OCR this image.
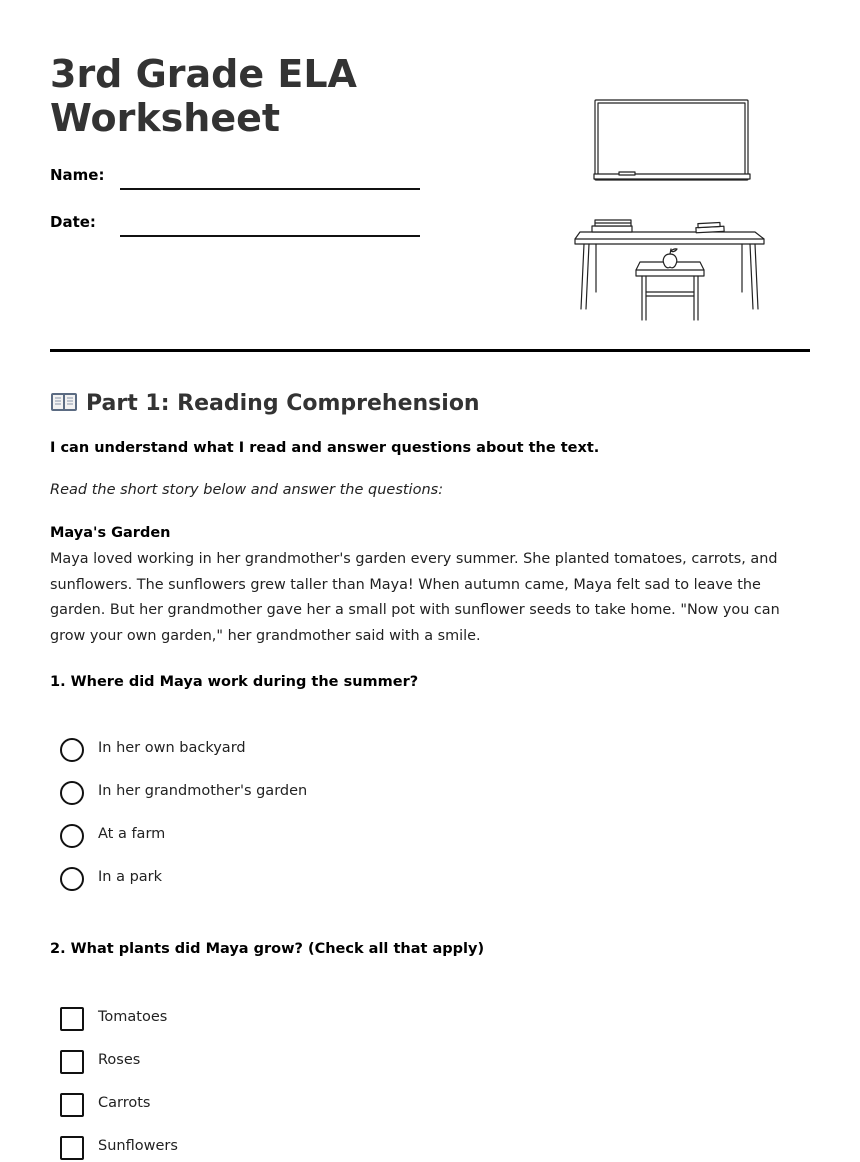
3rd Grade ELA
Worksheet
Name:
Date:
Part 1: Reading Comprehension
I can understand what I read and answer questions about the text.
Read the short story below and answer the questions:
Maya's Garden

Maya loved working in her grandmother's garden every summer. She planted tomatoes, carrots, and sunflowers. The sunflowers grew taller than Maya! When autumn came, Maya felt sad to leave the garden. But her grandmother gave her a small pot with sunflower seeds to take home. "Now you can grow your own garden," her grandmother said with a smile.

1. Where did Maya work during the summer?
In her own backyard
In her grandmother's garden
At a farm
In a park
2. What plants did Maya grow? (Check all that apply)
Tomatoes
Roses
Carrots
Sunflowers
